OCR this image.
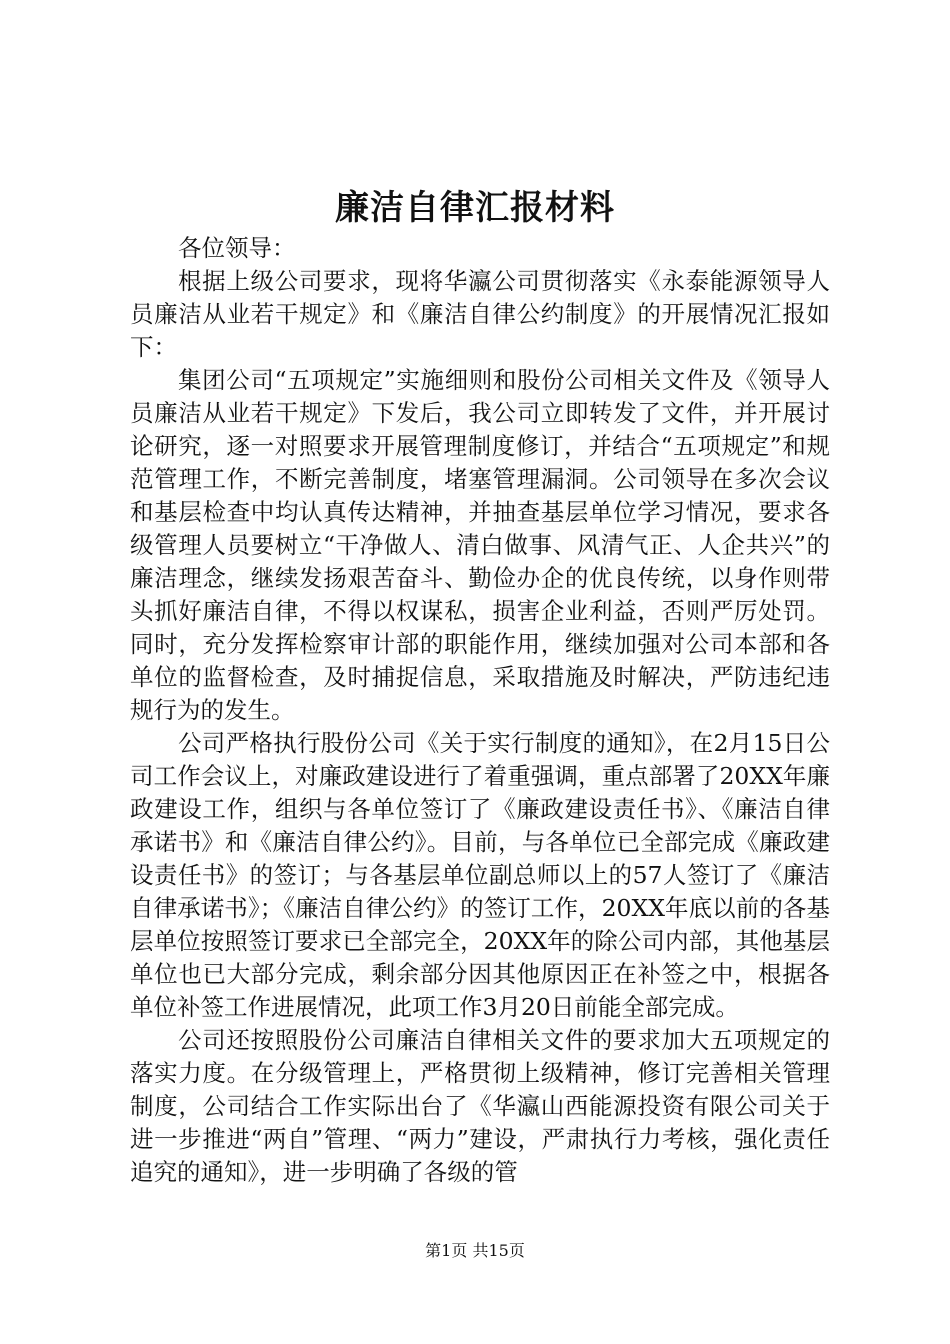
廉洁自律汇报材料

各位领导：

根据上级公司要求，现将华瀛公司贯彻落实《永泰能源领导人员廉洁从业若干规定》和《廉洁自律公约制度》的开展情况汇报如下：

集团公司“五项规定”实施细则和股份公司相关文件及《领导人员廉洁从业若干规定》下发后，我公司立即转发了文件，并开展讨论研究，逐一对照要求开展管理制度修订，并结合“五项规定”和规范管理工作，不断完善制度，堵塞管理漏洞。公司领导在多次会议和基层检查中均认真传达精神，并抽查基层单位学习情况，要求各级管理人员要树立“干净做人、清白做事、风清气正、人企共兴”的廉洁理念，继续发扬艰苦奋斗、勤俭办企的优良传统，以身作则带头抓好廉洁自律，不得以权谋私，损害企业利益，否则严厉处罚。同时，充分发挥检察审计部的职能作用，继续加强对公司本部和各单位的监督检查，及时捕捉信息，采取措施及时解决，严防违纪违规行为的发生。

公司严格执行股份公司《关于实行制度的通知》，在2月15日公司工作会议上，对廉政建设进行了着重强调，重点部署了20XX年廉政建设工作，组织与各单位签订了《廉政建设责任书》、《廉洁自律承诺书》和《廉洁自律公约》。目前，与各单位已全部完成《廉政建设责任书》的签订；与各基层单位副总师以上的57人签订了《廉洁自律承诺书》；《廉洁自律公约》的签订工作，20XX年底以前的各基层单位按照签订要求已全部完全，20XX年的除公司内部，其他基层单位也已大部分完成，剩余部分因其他原因正在补签之中，根据各单位补签工作进展情况，此项工作3月20日前能全部完成。

公司还按照股份公司廉洁自律相关文件的要求加大五项规定的落实力度。在分级管理上，严格贯彻上级精神，修订完善相关管理制度，公司结合工作实际出台了《华瀛山西能源投资有限公司关于进一步推进“两自”管理、“两力”建设，严肃执行力考核，强化责任追究的通知》，进一步明确了各级的管

第1页 共15页
